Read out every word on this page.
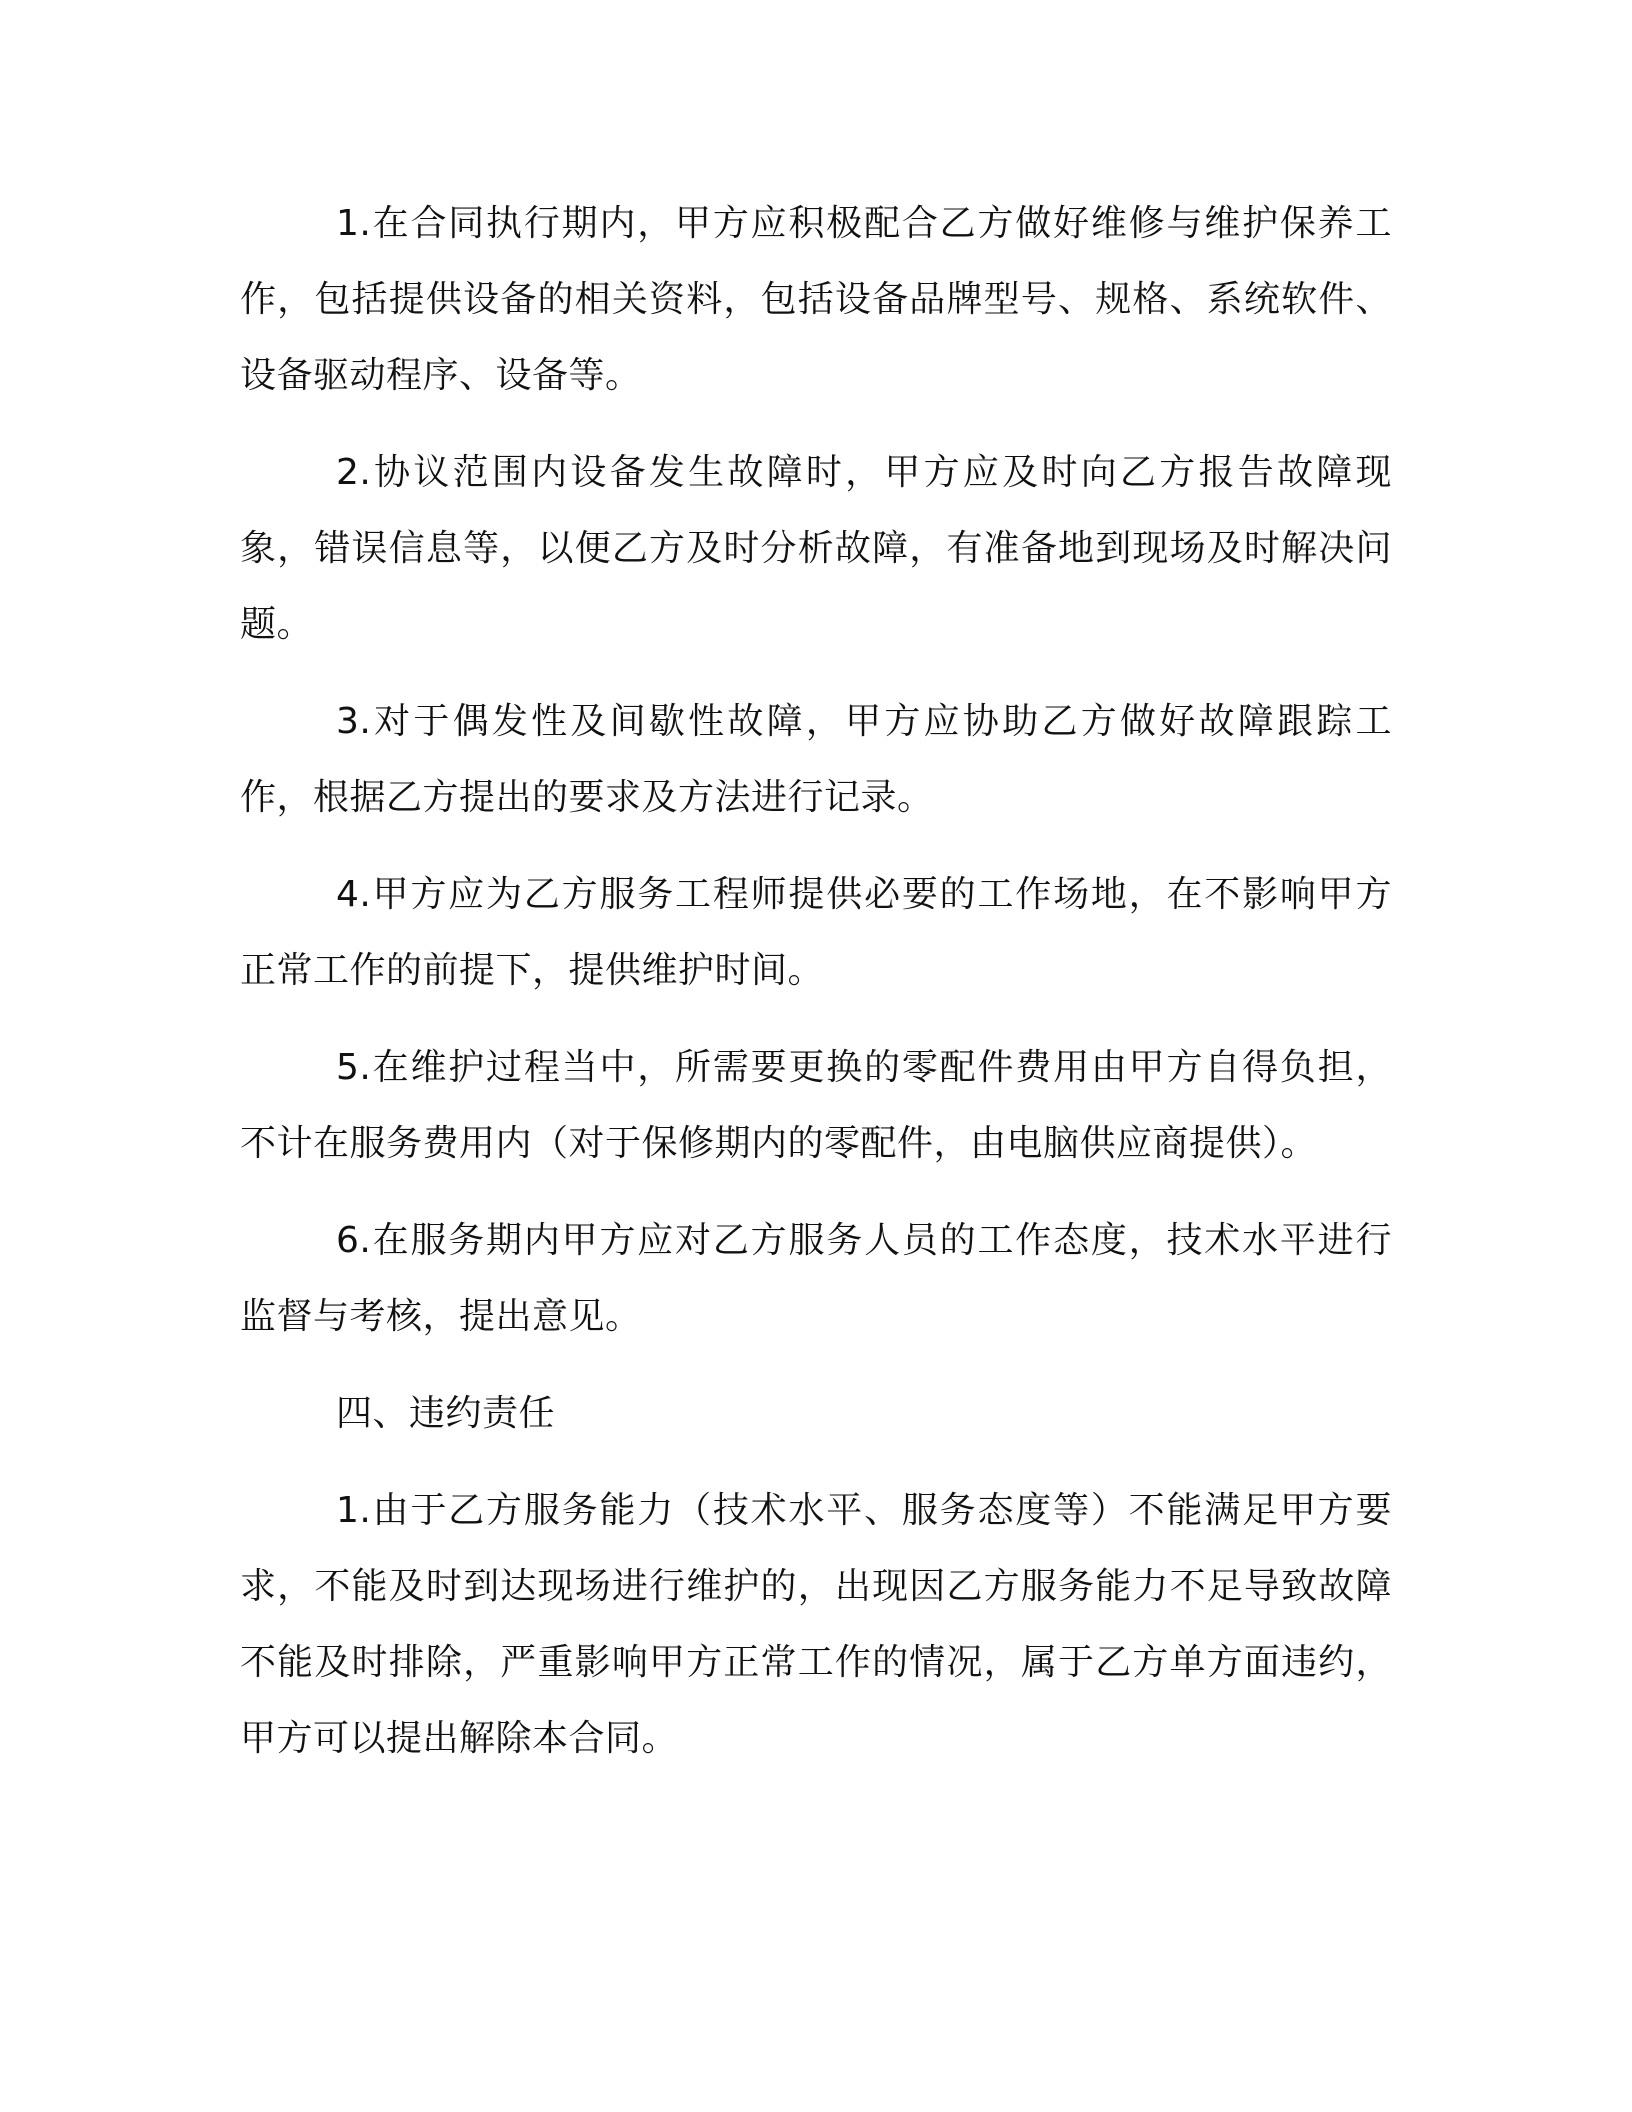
1.在合同执行期内，甲方应积极配合乙方做好维修与维护保养工作，包括提供设备的相关资料，包括设备品牌型号、规格、系统软件、设备驱动程序、设备等。

2.协议范围内设备发生故障时，甲方应及时向乙方报告故障现象，错误信息等，以便乙方及时分析故障，有准备地到现场及时解决问题。

3.对于偶发性及间歇性故障，甲方应协助乙方做好故障跟踪工作，根据乙方提出的要求及方法进行记录。

4.甲方应为乙方服务工程师提供必要的工作场地，在不影响甲方正常工作的前提下，提供维护时间。

5.在维护过程当中，所需要更换的零配件费用由甲方自得负担，不计在服务费用内（对于保修期内的零配件，由电脑供应商提供）。

6.在服务期内甲方应对乙方服务人员的工作态度，技术水平进行监督与考核，提出意见。

四、违约责任

1.由于乙方服务能力（技术水平、服务态度等）不能满足甲方要求，不能及时到达现场进行维护的，出现因乙方服务能力不足导致故障不能及时排除，严重影响甲方正常工作的情况，属于乙方单方面违约，甲方可以提出解除本合同。
